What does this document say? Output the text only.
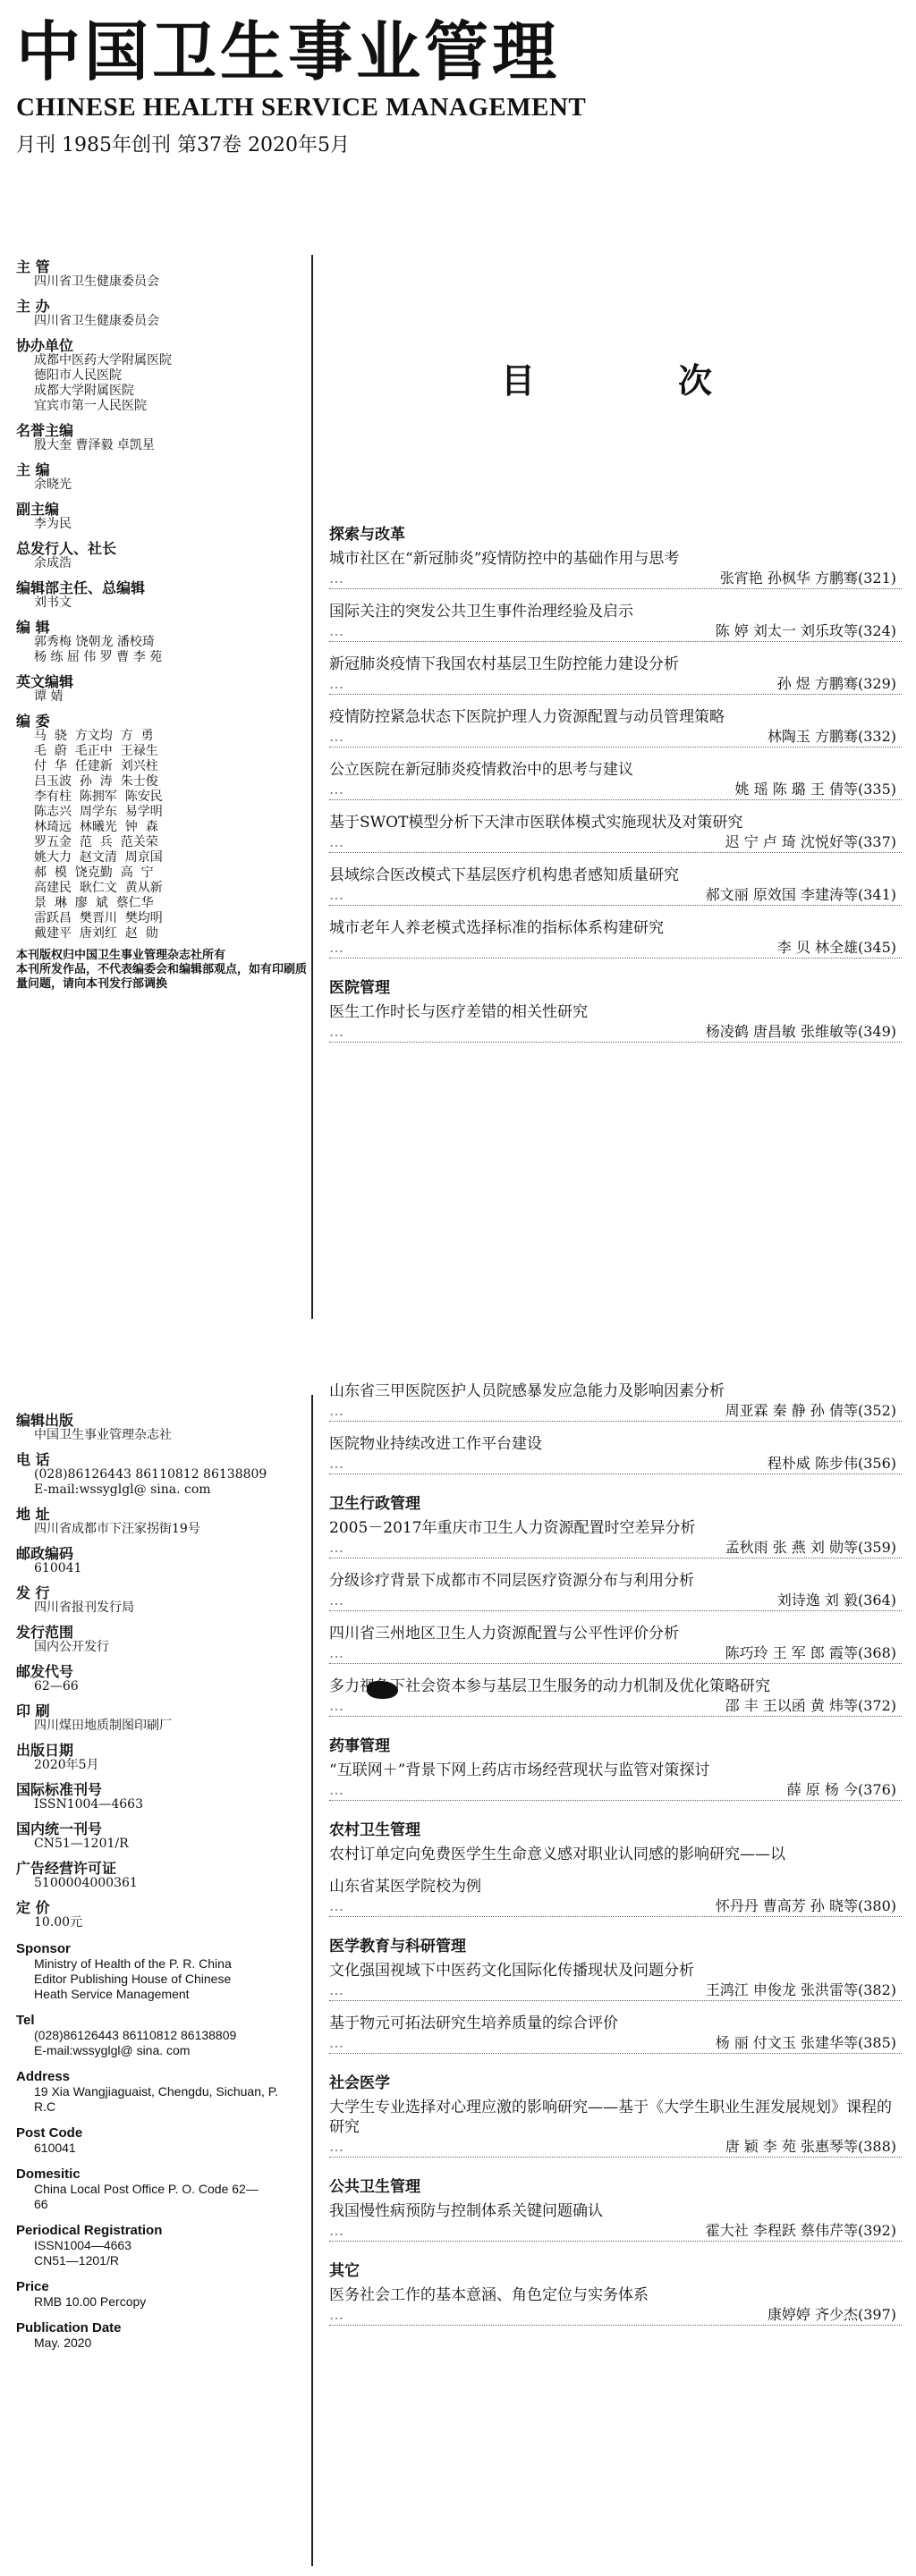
中国卫生事业管理
CHINESE HEALTH SERVICE MANAGEMENT
月刊 1985年创刊 第37卷 2020年5月
主 管
四川省卫生健康委员会
主 办
四川省卫生健康委员会
协办单位
成都中医药大学附属医院
德阳市人民医院
成都大学附属医院
宜宾市第一人民医院
名誉主编
殷大奎 曹泽毅 卓凯星
主 编
余晓光
副主编
李为民
总发行人、社长
余成浩
编辑部主任、总编辑
刘书文
编 辑
郭秀梅 饶朝龙 潘校琦
杨 练 屈 伟 罗 曹 李 苑
英文编辑
谭 婧
编 委
马  骁  方文均  方  勇
毛  蔚  毛正中  王禄生
付  华  任建新  刘兴柱
吕玉波  孙  涛  朱士俊
李有柱  陈拥军  陈安民
陈志兴  周学东  易学明
林琦远  林曦光  钟  森
罗五金  范  兵  范关荣
姚大力  赵文清  周京国
郝  模  饶克勤  高  宁
高建民  耿仁文  黄从新
景  琳  廖  斌  蔡仁华
雷跃昌  樊晋川  樊均明
戴建平  唐刘红  赵  勋
本刊版权归中国卫生事业管理杂志社所有
本刊所发作品，不代表编委会和编辑部观点，如有印刷质量问题，请向本刊发行部调换
编辑出版
中国卫生事业管理杂志社
电 话
(028)86126443 86110812 86138809
E-mail:wssyglgl@ sina. com
地 址
四川省成都市下汪家拐街19号
邮政编码
610041
发 行
四川省报刊发行局
发行范围
国内公开发行
邮发代号
62—66
印 刷
四川煤田地质制图印刷厂
出版日期
2020年5月
国际标准刊号
ISSN1004—4663
国内统一刊号
CN51—1201/R
广告经营许可证
5100004000361
定 价
10.00元
Sponsor
Ministry of Health of the P. R. China
Editor Publishing House of Chinese
Heath Service Management
Tel
(028)86126443 86110812 86138809
E-mail:wssyglgl@ sina. com
Address
19 Xia Wangjiaguaist, Chengdu, Sichuan, P.
R.C
Post Code
610041
Domesitic
China Local Post Office P. O. Code 62—
66
Periodical Registration
ISSN1004—4663
CN51—1201/R
Price
RMB 10.00 Percopy
Publication Date
May. 2020
目	次
探索与改革
城市社区在“新冠肺炎”疫情防控中的基础作用与思考
…	张宵艳 孙枫华 方鹏骞(321)
国际关注的突发公共卫生事件治理经验及启示
…	陈 婷 刘太一 刘乐玫等(324)
新冠肺炎疫情下我国农村基层卫生防控能力建设分析
…	孙 煜 方鹏骞(329)
疫情防控紧急状态下医院护理人力资源配置与动员管理策略
…	林陶玉 方鹏骞(332)
公立医院在新冠肺炎疫情救治中的思考与建议
…	姚 瑶 陈 璐 王 倩等(335)
基于SWOT模型分析下天津市医联体模式实施现状及对策研究
…	迟 宁 卢 琦 沈悦好等(337)
县域综合医改模式下基层医疗机构患者感知质量研究
…	郝文丽 原效国 李建涛等(341)
城市老年人养老模式选择标准的指标体系构建研究
…	李 贝 林全雄(345)
医院管理
医生工作时长与医疗差错的相关性研究
…	杨凌鹤 唐昌敏 张维敏等(349)
山东省三甲医院医护人员院感暴发应急能力及影响因素分析
…	周亚霖 秦 静 孙 倩等(352)
医院物业持续改进工作平台建设
…	程朴威 陈步伟(356)
卫生行政管理
2005－2017年重庆市卫生人力资源配置时空差异分析
…	孟秋雨 张 燕 刘 勋等(359)
分级诊疗背景下成都市不同层医疗资源分布与利用分析
…	刘诗逸 刘 毅(364)
四川省三州地区卫生人力资源配置与公平性评价分析
…	陈巧玲 王 军 郎 霞等(368)
多力视角下社会资本参与基层卫生服务的动力机制及优化策略研究
…	邵 丰 王以函 黄 炜等(372)
药事管理
“互联网＋”背景下网上药店市场经营现状与监管对策探讨
…	薛 原 杨 今(376)
农村卫生管理
农村订单定向免费医学生生命意义感对职业认同感的影响研究——以
山东省某医学院校为例
…	怀丹丹 曹高芳 孙 晓等(380)
医学教育与科研管理
文化强国视域下中医药文化国际化传播现状及问题分析
…	王鸿江 申俊龙 张洪雷等(382)
基于物元可拓法研究生培养质量的综合评价
…	杨 丽 付文玉 张建华等(385)
社会医学
大学生专业选择对心理应激的影响研究——基于《大学生职业生涯发展规划》课程的研究
…	唐 颖 李 苑 张惠琴等(388)
公共卫生管理
我国慢性病预防与控制体系关键问题确认
…	霍大社 李程跃 蔡伟芹等(392)
其它
医务社会工作的基本意涵、角色定位与实务体系
…	康婷婷 齐少杰(397)
